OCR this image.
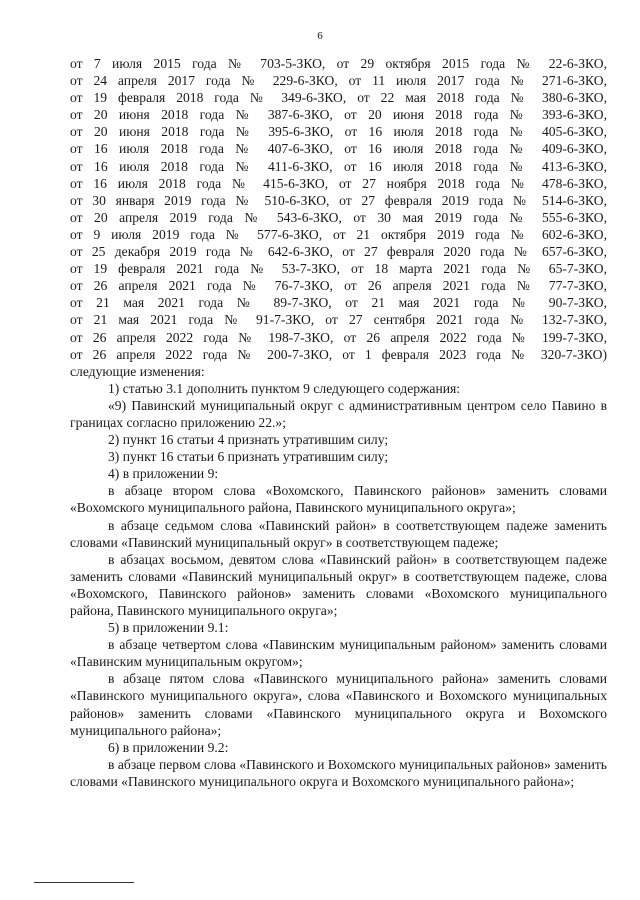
6
от 7 июля 2015 года № 703-5-ЗКО, от 29 октября 2015 года № 22-6-ЗКО,
от 24 апреля 2017 года № 229-6-ЗКО, от 11 июля 2017 года № 271-6-ЗКО,
от 19 февраля 2018 года № 349-6-ЗКО, от 22 мая 2018 года № 380-6-ЗКО,
от 20 июня 2018 года № 387-6-ЗКО, от 20 июня 2018 года № 393-6-ЗКО,
от 20 июня 2018 года № 395-6-ЗКО, от 16 июля 2018 года № 405-6-ЗКО,
от 16 июля 2018 года № 407-6-ЗКО, от 16 июля 2018 года № 409-6-ЗКО,
от 16 июля 2018 года № 411-6-ЗКО, от 16 июля 2018 года № 413-6-ЗКО,
от 16 июля 2018 года № 415-6-ЗКО, от 27 ноября 2018 года № 478-6-ЗКО,
от 30 января 2019 года № 510-6-ЗКО, от 27 февраля 2019 года № 514-6-ЗКО,
от 20 апреля 2019 года № 543-6-ЗКО, от 30 мая 2019 года № 555-6-ЗКО,
от 9 июля 2019 года № 577-6-ЗКО, от 21 октября 2019 года № 602-6-ЗКО,
от 25 декабря 2019 года № 642-6-ЗКО, от 27 февраля 2020 года № 657-6-ЗКО,
от 19 февраля 2021 года № 53-7-ЗКО, от 18 марта 2021 года № 65-7-ЗКО,
от 26 апреля 2021 года № 76-7-ЗКО, от 26 апреля 2021 года № 77-7-ЗКО,
от 21 мая 2021 года № 89-7-ЗКО, от 21 мая 2021 года № 90-7-ЗКО,
от 21 мая 2021 года № 91-7-ЗКО, от 27 сентября 2021 года № 132-7-ЗКО,
от 26 апреля 2022 года № 198-7-ЗКО, от 26 апреля 2022 года № 199-7-ЗКО,
от 26 апреля 2022 года № 200-7-ЗКО, от 1 февраля 2023 года № 320-7-ЗКО)
следующие изменения:

1) статью 3.1 дополнить пунктом 9 следующего содержания:

«9) Павинский муниципальный округ с административным центром село Павино в границах согласно приложению 22.»;

2) пункт 16 статьи 4 признать утратившим силу;

3) пункт 16 статьи 6 признать утратившим силу;

4) в приложении 9:

в абзаце втором слова «Вохомского, Павинского районов» заменить словами «Вохомского муниципального района, Павинского муниципального округа»;

в абзаце седьмом слова «Павинский район» в соответствующем падеже заменить словами «Павинский муниципальный округ» в соответствующем падеже;

в абзацах восьмом, девятом слова «Павинский район» в соответствующем падеже заменить словами «Павинский муниципальный округ» в соответствующем падеже, слова «Вохомского, Павинского районов» заменить словами «Вохомского муниципального района, Павинского муниципального округа»;

5) в приложении 9.1:

в абзаце четвертом слова «Павинским муниципальным районом» заменить словами «Павинским муниципальным округом»;

в абзаце пятом слова «Павинского муниципального района» заменить словами «Павинского муниципального округа», слова «Павинского и Вохомского муниципальных районов» заменить словами «Павинского муниципального округа и Вохомского муниципального района»;

6) в приложении 9.2:

в абзаце первом слова «Павинского и Вохомского муниципальных районов» заменить словами «Павинского муниципального округа и Вохомского муниципального района»;
